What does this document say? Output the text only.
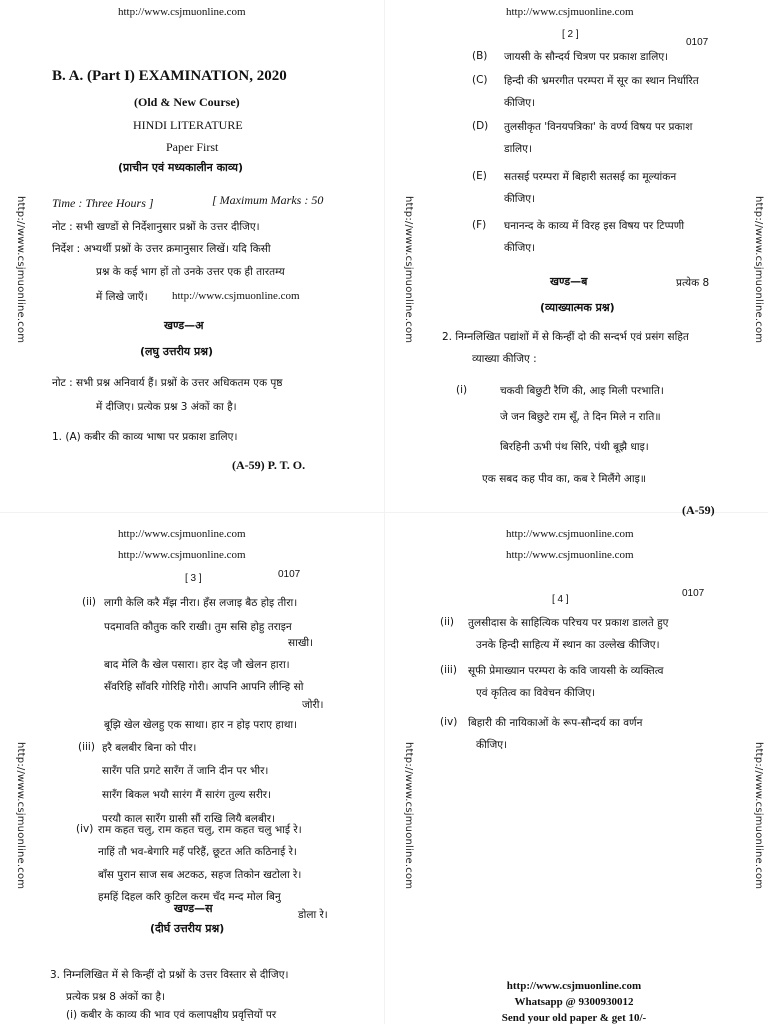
http://www.csjmuonline.com	http://www.csjmuonline.com	http://www.csjmuonline.com
http://www.csjmuonline.com	http://www.csjmuonline.com	http://www.csjmuonline.com
http://www.csjmuonline.com
B. A. (Part I) EXAMINATION, 2020
(Old & New Course)
HINDI LITERATURE
Paper First
(प्राचीन एवं मध्यकालीन काव्य)
Time : Three Hours ]	[ Maximum Marks : 50
नोट : सभी खण्डों से निर्देशानुसार प्रश्नों के उत्तर दीजिए।
निर्देश : अभ्यर्थी प्रश्नों के उत्तर क्रमानुसार लिखें। यदि किसी
प्रश्न के कई भाग हों तो उनके उत्तर एक ही तारतम्य
में लिखे जाएँ। http://www.csjmuonline.com
खण्ड—अ
(लघु उत्तरीय प्रश्न)
नोट : सभी प्रश्न अनिवार्य हैं। प्रश्नों के उत्तर अधिकतम एक पृष्ठ
में दीजिए। प्रत्येक प्रश्न 3 अंकों का है।
1. (A) कबीर की काव्य भाषा पर प्रकाश डालिए।
(A-59) P. T. O.
http://www.csjmuonline.com
[ 2 ]
0107
(B) जायसी के सौन्दर्य चित्रण पर प्रकाश डालिए।
(C) हिन्दी की भ्रमरगीत परम्परा में सूर का स्थान निर्धारित
कीजिए।
(D) तुलसीकृत 'विनयपत्रिका' के वर्ण्य विषय पर प्रकाश
डालिए।
(E) सतसई परम्परा में बिहारी सतसई का मूल्यांकन
कीजिए।
(F) घनानन्द के काव्य में विरह इस विषय पर टिप्पणी
कीजिए।
खण्ड—ब	प्रत्येक 8
(व्याख्यात्मक प्रश्न)
2. निम्नलिखित पद्यांशों में से किन्हीं दो की सन्दर्भ एवं प्रसंग सहित
व्याख्या कीजिए :
(i)	चकवी बिछुटी रैणि की, आइ मिली परभाति।
जे जन बिछुटे राम सूँ, ते दिन मिले न राति॥
बिरहिनी ऊभी पंथ सिरि, पंथी बूझै धाइ।
एक सबद कह पीव का, कब रे मिलैंगे आइ॥
(A-59)
http://www.csjmuonline.com
http://www.csjmuonline.com
[ 3 ]	0107
(ii) लागी केलि करै मँझ नीरा। हँस लजाइ बैठ होइ तीरा।
पदमावति कौतुक करि राखी। तुम ससि होहु तराइन
साखी।
बाद मेलि कै खेल पसारा। हार देइ जौ खेलन हारा।
सँवरिहि साँवरि गोरिहि गोरी। आपनि आपनि लीन्हि सो
जोरी।
बूझि खेल खेलहु एक साथा। हार न होइ पराए हाथा।
(iii) हरै बलबीर बिना को पीर।
सारँग पति प्रगटे सारँग तें जानि दीन पर भीर।
सारँग बिकल भयौ सारंग मैं सारंग तुल्य सरीर।
परयौ काल सारँग ग्रासी सौं राखि लियै बलबीर।
(iv) राम कहत चलु, राम कहत चलु, राम कहत चलु भाई रे।
नाहिं तौ भव-बेगारि महँ परिहैं, छूटत अति कठिनाई रे।
बाँस पुरान साज सब अटकठ, सहज तिकोन खटोला रे।
हमहिं दिहल करि कुटिल करम चँद मन्द मोल बिनु
डोला रे।
खण्ड—स
(दीर्घ उत्तरीय प्रश्न)
3. निम्नलिखित में से किन्हीं दो प्रश्नों के उत्तर विस्तार से दीजिए।
प्रत्येक प्रश्न 8 अंकों का है।
(i) कबीर के काव्य की भाव एवं कलापक्षीय प्रवृत्तियों पर
http://www.csjmuonline.com
http://www.csjmuonline.com
[ 4 ]
0107
(ii) तुलसीदास के साहित्यिक परिचय पर प्रकाश डालते हुए
उनके हिन्दी साहित्य में स्थान का उल्लेख कीजिए।
(iii) सूफी प्रेमाख्यान परम्परा के कवि जायसी के व्यक्तित्व
एवं कृतित्व का विवेचन कीजिए।
(iv) बिहारी की नायिकाओं के रूप-सौन्दर्य का वर्णन
कीजिए।
http://www.csjmuonline.com
Whatsapp @ 9300930012
Send your old paper & get 10/-
